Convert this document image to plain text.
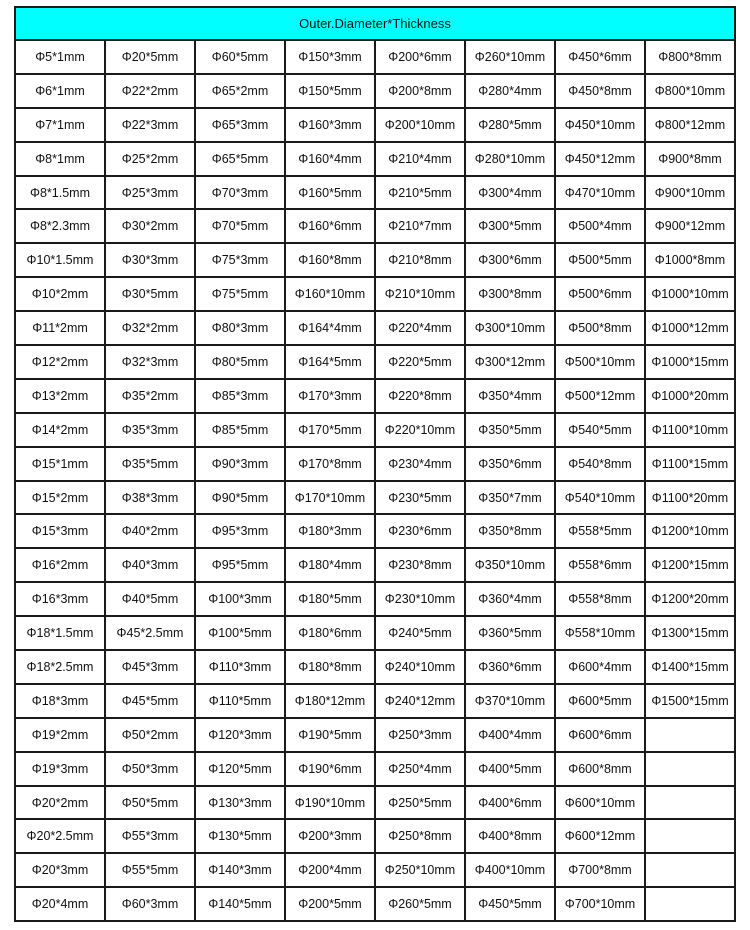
Outer.Diameter*Thickness							
Φ5*1mm	Φ20*5mm	Φ60*5mm	Φ150*3mm	Φ200*6mm	Φ260*10mm	Φ450*6mm	Φ800*8mm
Φ6*1mm	Φ22*2mm	Φ65*2mm	Φ150*5mm	Φ200*8mm	Φ280*4mm	Φ450*8mm	Φ800*10mm
Φ7*1mm	Φ22*3mm	Φ65*3mm	Φ160*3mm	Φ200*10mm	Φ280*5mm	Φ450*10mm	Φ800*12mm
Φ8*1mm	Φ25*2mm	Φ65*5mm	Φ160*4mm	Φ210*4mm	Φ280*10mm	Φ450*12mm	Φ900*8mm
Φ8*1.5mm	Φ25*3mm	Φ70*3mm	Φ160*5mm	Φ210*5mm	Φ300*4mm	Φ470*10mm	Φ900*10mm
Φ8*2.3mm	Φ30*2mm	Φ70*5mm	Φ160*6mm	Φ210*7mm	Φ300*5mm	Φ500*4mm	Φ900*12mm
Φ10*1.5mm	Φ30*3mm	Φ75*3mm	Φ160*8mm	Φ210*8mm	Φ300*6mm	Φ500*5mm	Φ1000*8mm
Φ10*2mm	Φ30*5mm	Φ75*5mm	Φ160*10mm	Φ210*10mm	Φ300*8mm	Φ500*6mm	Φ1000*10mm
Φ11*2mm	Φ32*2mm	Φ80*3mm	Φ164*4mm	Φ220*4mm	Φ300*10mm	Φ500*8mm	Φ1000*12mm
Φ12*2mm	Φ32*3mm	Φ80*5mm	Φ164*5mm	Φ220*5mm	Φ300*12mm	Φ500*10mm	Φ1000*15mm
Φ13*2mm	Φ35*2mm	Φ85*3mm	Φ170*3mm	Φ220*8mm	Φ350*4mm	Φ500*12mm	Φ1000*20mm
Φ14*2mm	Φ35*3mm	Φ85*5mm	Φ170*5mm	Φ220*10mm	Φ350*5mm	Φ540*5mm	Φ1100*10mm
Φ15*1mm	Φ35*5mm	Φ90*3mm	Φ170*8mm	Φ230*4mm	Φ350*6mm	Φ540*8mm	Φ1100*15mm
Φ15*2mm	Φ38*3mm	Φ90*5mm	Φ170*10mm	Φ230*5mm	Φ350*7mm	Φ540*10mm	Φ1100*20mm
Φ15*3mm	Φ40*2mm	Φ95*3mm	Φ180*3mm	Φ230*6mm	Φ350*8mm	Φ558*5mm	Φ1200*10mm
Φ16*2mm	Φ40*3mm	Φ95*5mm	Φ180*4mm	Φ230*8mm	Φ350*10mm	Φ558*6mm	Φ1200*15mm
Φ16*3mm	Φ40*5mm	Φ100*3mm	Φ180*5mm	Φ230*10mm	Φ360*4mm	Φ558*8mm	Φ1200*20mm
Φ18*1.5mm	Φ45*2.5mm	Φ100*5mm	Φ180*6mm	Φ240*5mm	Φ360*5mm	Φ558*10mm	Φ1300*15mm
Φ18*2.5mm	Φ45*3mm	Φ110*3mm	Φ180*8mm	Φ240*10mm	Φ360*6mm	Φ600*4mm	Φ1400*15mm
Φ18*3mm	Φ45*5mm	Φ110*5mm	Φ180*12mm	Φ240*12mm	Φ370*10mm	Φ600*5mm	Φ1500*15mm
Φ19*2mm	Φ50*2mm	Φ120*3mm	Φ190*5mm	Φ250*3mm	Φ400*4mm	Φ600*6mm	
Φ19*3mm	Φ50*3mm	Φ120*5mm	Φ190*6mm	Φ250*4mm	Φ400*5mm	Φ600*8mm	
Φ20*2mm	Φ50*5mm	Φ130*3mm	Φ190*10mm	Φ250*5mm	Φ400*6mm	Φ600*10mm	
Φ20*2.5mm	Φ55*3mm	Φ130*5mm	Φ200*3mm	Φ250*8mm	Φ400*8mm	Φ600*12mm	
Φ20*3mm	Φ55*5mm	Φ140*3mm	Φ200*4mm	Φ250*10mm	Φ400*10mm	Φ700*8mm	
Φ20*4mm	Φ60*3mm	Φ140*5mm	Φ200*5mm	Φ260*5mm	Φ450*5mm	Φ700*10mm	
